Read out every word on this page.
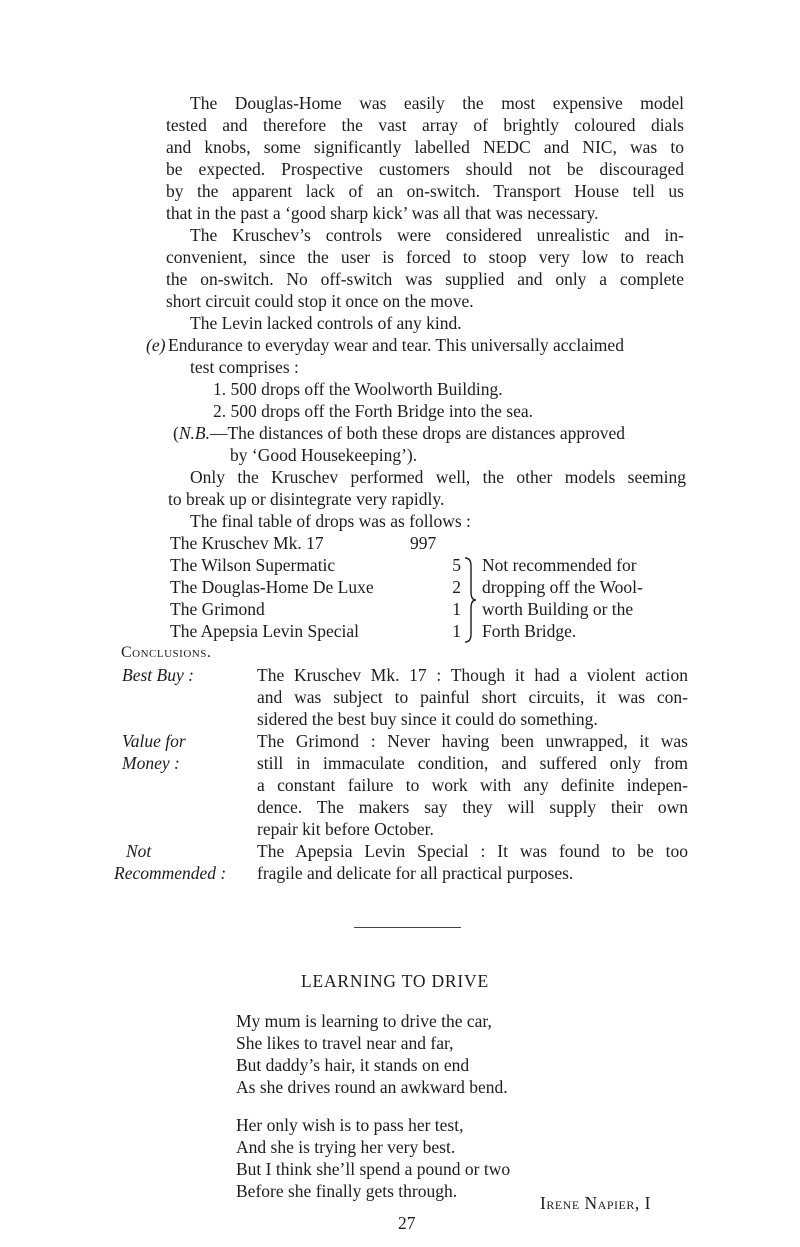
The Douglas-Home was easily the most expensive model
tested and therefore the vast array of brightly coloured dials
and knobs, some significantly labelled NEDC and NIC, was to
be expected. Prospective customers should not be discouraged
by the apparent lack of an on-switch. Transport House tell us
that in the past a ‘good sharp kick’ was all that was necessary.
The Kruschev’s controls were considered unrealistic and in-
convenient, since the user is forced to stoop very low to reach
the on-switch. No off-switch was supplied and only a complete
short circuit could stop it once on the move.
The Levin lacked controls of any kind.
(e) Endurance to everyday wear and tear. This universally acclaimed
test comprises :
1. 500 drops off the Woolworth Building.
2. 500 drops off the Forth Bridge into the sea.
(N.B.—The distances of both these drops are distances approved
by ‘Good Housekeeping’).
Only the Kruschev performed well, the other models seeming
to break up or disintegrate very rapidly.
The final table of drops was as follows :
The Kruschev Mk. 17	997
The Wilson Supermatic	5
The Douglas-Home De Luxe	2
The Grimond	1
The Apepsia Levin Special	1
Not recommended for
dropping off the Wool-
worth Building or the
Forth Bridge.
Conclusions.
Best Buy :	The Kruschev Mk. 17 : Though it had a violent action
and was subject to painful short circuits, it was con-
sidered the best buy since it could do something.
Value for
Money :
The Grimond : Never having been unwrapped, it was
still in immaculate condition, and suffered only from
a constant failure to work with any definite indepen-
dence. The makers say they will supply their own
repair kit before October.
Not
Recommended :
The Apepsia Levin Special : It was found to be too
fragile and delicate for all practical purposes.
LEARNING TO DRIVE
My mum is learning to drive the car,
She likes to travel near and far,
But daddy’s hair, it stands on end
As she drives round an awkward bend.
Her only wish is to pass her test,
And she is trying her very best.
But I think she’ll spend a pound or two
Before she finally gets through.
Irene Napier, I
27
